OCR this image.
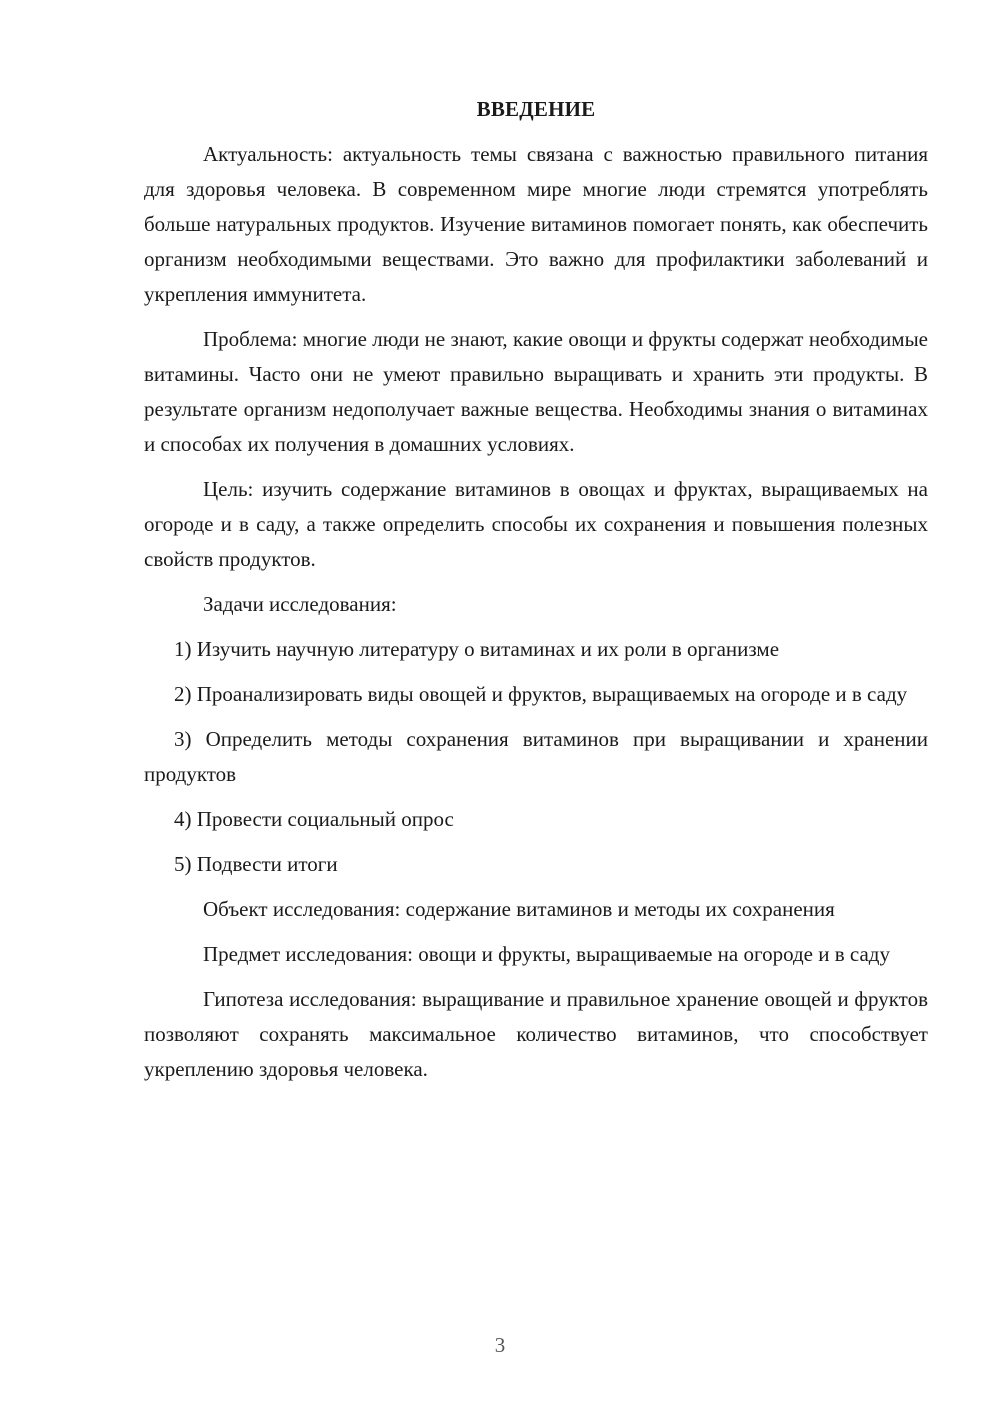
ВВЕДЕНИЕ

Актуальность: актуальность темы связана с важностью правильного питания для здоровья человека. В современном мире многие люди стремятся употреблять больше натуральных продуктов. Изучение витаминов помогает понять, как обеспечить организм необходимыми веществами. Это важно для профилактики заболеваний и укрепления иммунитета.

Проблема: многие люди не знают, какие овощи и фрукты содержат необходимые витамины. Часто они не умеют правильно выращивать и хранить эти продукты. В результате организм недополучает важные вещества. Необходимы знания о витаминах и способах их получения в домашних условиях.

Цель: изучить содержание витаминов в овощах и фруктах, выращиваемых на огороде и в саду, а также определить способы их сохранения и повышения полезных свойств продуктов.

Задачи исследования:

1) Изучить научную литературу о витаминах и их роли в организме

2) Проанализировать виды овощей и фруктов, выращиваемых на огороде и в саду

3) Определить методы сохранения витаминов при выращивании и хранении продуктов

4) Провести социальный опрос

5) Подвести итоги

Объект исследования: содержание витаминов и методы их сохранения

Предмет исследования: овощи и фрукты, выращиваемые на огороде и в саду

Гипотеза исследования: выращивание и правильное хранение овощей и фруктов позволяют сохранять максимальное количество витаминов, что способствует укреплению здоровья человека.

3
